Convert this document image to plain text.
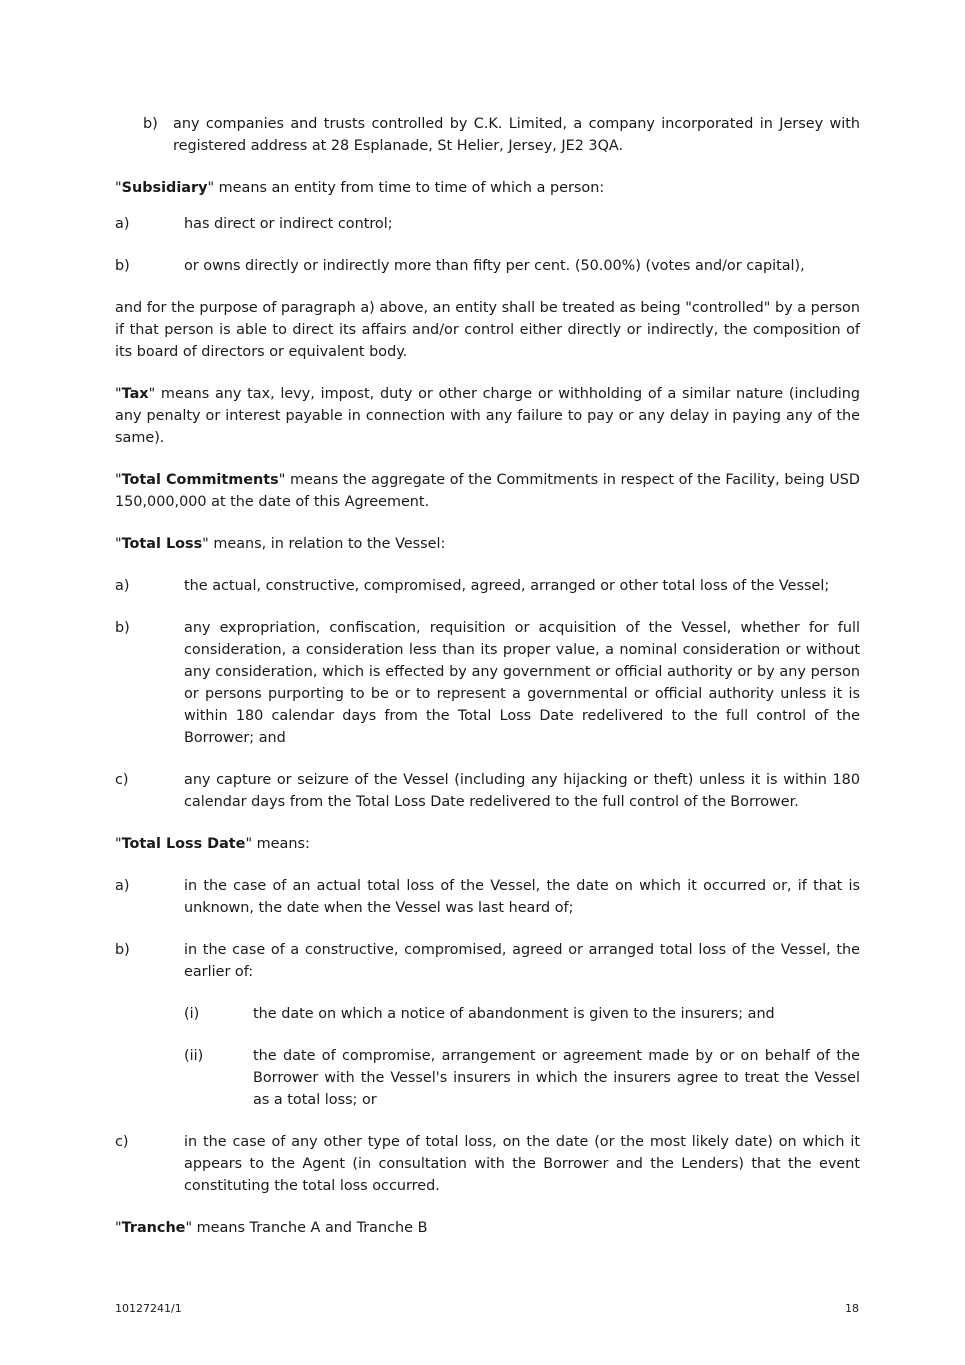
b) any companies and trusts controlled by C.K. Limited, a company incorporated in Jersey with registered address at 28 Esplanade, St Helier, Jersey, JE2 3QA.

"Subsidiary" means an entity from time to time of which a person:

a)	has direct or indirect control;

b)	or owns directly or indirectly more than fifty per cent. (50.00%) (votes and/or capital),

and for the purpose of paragraph a) above, an entity shall be treated as being "controlled" by a person if that person is able to direct its affairs and/or control either directly or indirectly, the composition of its board of directors or equivalent body.

"Tax" means any tax, levy, impost, duty or other charge or withholding of a similar nature (including any penalty or interest payable in connection with any failure to pay or any delay in paying any of the same).

"Total Commitments" means the aggregate of the Commitments in respect of the Facility, being USD 150,000,000 at the date of this Agreement.

"Total Loss" means, in relation to the Vessel:

a)	the actual, constructive, compromised, agreed, arranged or other total loss of the Vessel;

b)	any expropriation, confiscation, requisition or acquisition of the Vessel, whether for full consideration, a consideration less than its proper value, a nominal consideration or without any consideration, which is effected by any government or official authority or by any person or persons purporting to be or to represent a governmental or official authority unless it is within 180 calendar days from the Total Loss Date redelivered to the full control of the Borrower; and

c)	any capture or seizure of the Vessel (including any hijacking or theft) unless it is within 180 calendar days from the Total Loss Date redelivered to the full control of the Borrower.

"Total Loss Date" means:

a)	in the case of an actual total loss of the Vessel, the date on which it occurred or, if that is unknown, the date when the Vessel was last heard of;

b)	in the case of a constructive, compromised, agreed or arranged total loss of the Vessel, the earlier of:

(i)	the date on which a notice of abandonment is given to the insurers; and

(ii)	the date of compromise, arrangement or agreement made by or on behalf of the Borrower with the Vessel's insurers in which the insurers agree to treat the Vessel as a total loss; or

c)	in the case of any other type of total loss, on the date (or the most likely date) on which it appears to the Agent (in consultation with the Borrower and the Lenders) that the event constituting the total loss occurred.

"Tranche" means Tranche A and Tranche B

10127241/1	18
